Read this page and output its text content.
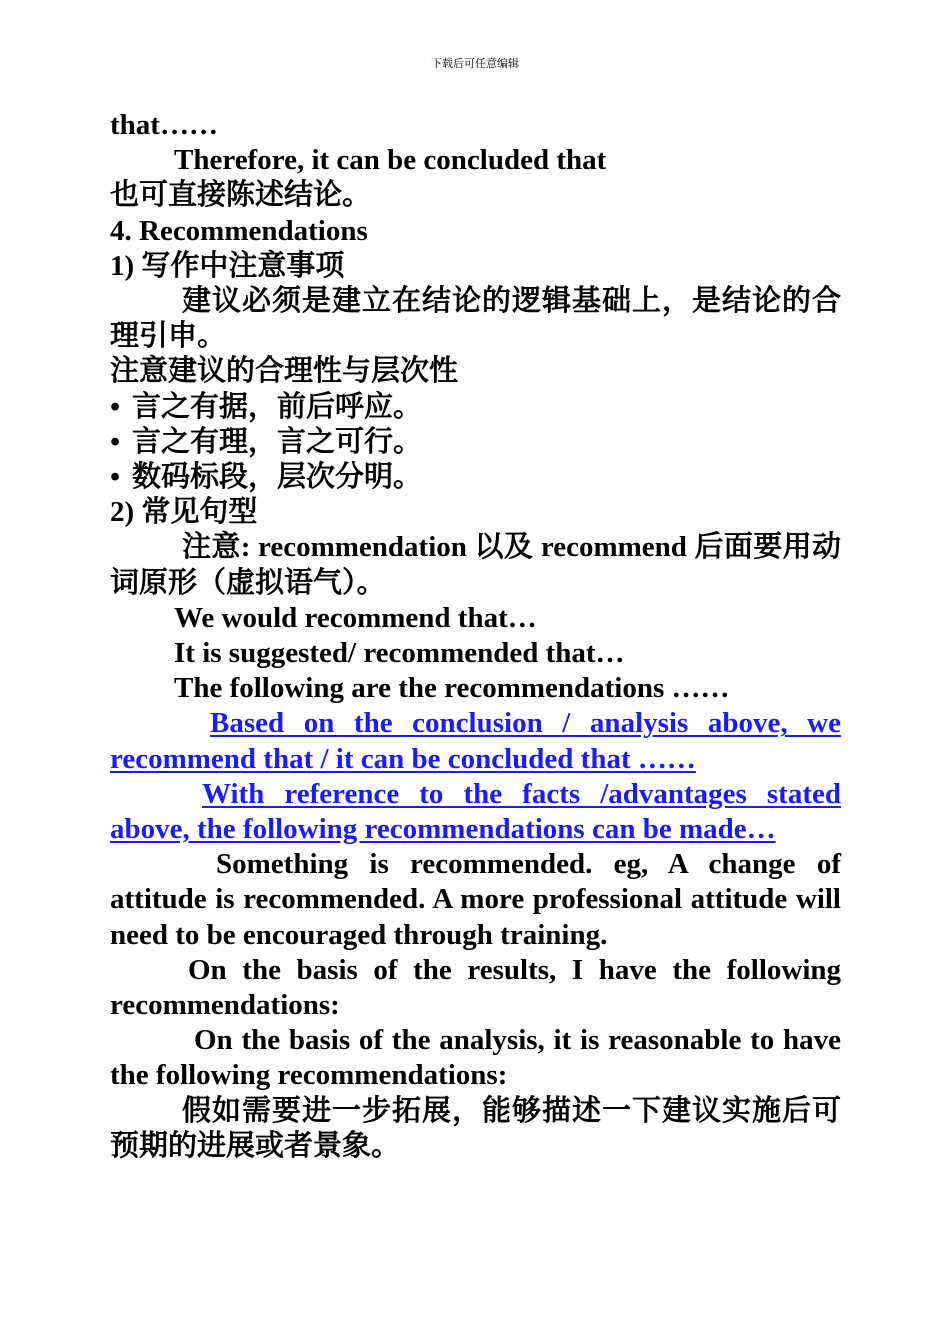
下载后可任意编辑

that……

Therefore, it can be concluded that

也可直接陈述结论。

4. Recommendations

1) 写作中注意事项

建议必须是建立在结论的逻辑基础上，是结论的合理引申。

注意建议的合理性与层次性

• 言之有据，前后呼应。

• 言之有理，言之可行。

• 数码标段，层次分明。

2) 常见句型

注意: recommendation 以及 recommend 后面要用动词原形（虚拟语气）。

We would recommend that…

It is suggested/ recommended that…

The following are the recommendations ……

Based on the conclusion / analysis above, we recommend that / it can be concluded that ……

With reference to the facts /advantages stated above, the following recommendations can be made…

Something is recommended. eg, A change of attitude is recommended. A more professional attitude will need to be encouraged through training.

On the basis of the results, I have the following recommendations:

On the basis of the analysis, it is reasonable to have the following recommendations:

假如需要进一步拓展，能够描述一下建议实施后可预期的进展或者景象。
